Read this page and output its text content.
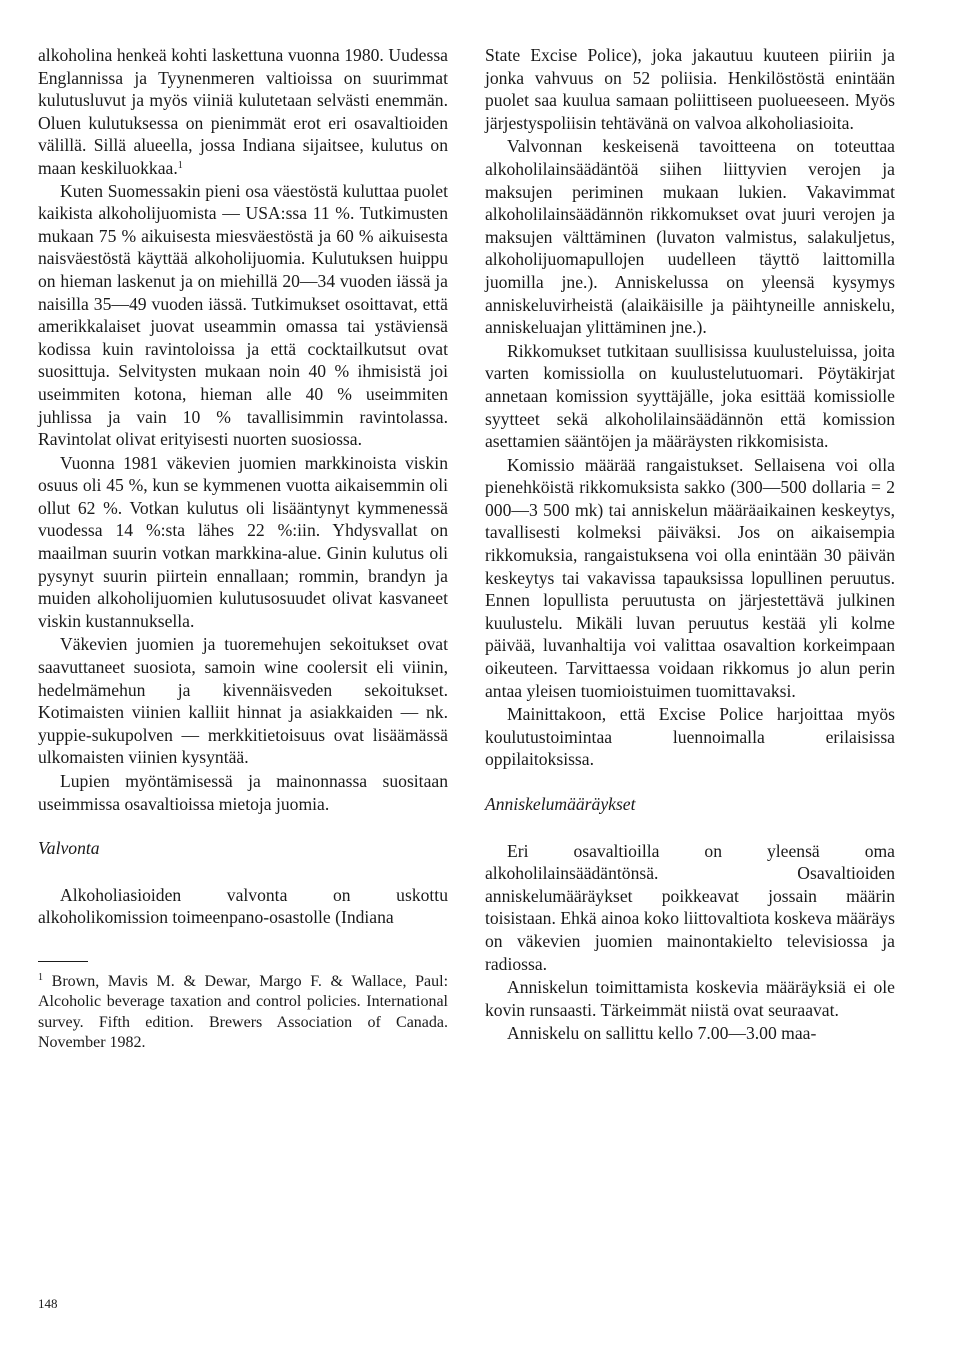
alkoholina henkeä kohti laskettuna vuonna 1980. Uudessa Englannissa ja Tyynenmeren valtioissa on suurimmat kulutusluvut ja myös viiniä kulutetaan selvästi enemmän. Oluen kulutuksessa on pienimmät erot eri osavaltioiden välillä. Sillä alueella, jossa Indiana sijaitsee, kulutus on maan keskiluokkaa.$^1$

Kuten Suomessakin pieni osa väestöstä kuluttaa puolet kaikista alkoholijuomista — USA:ssa 11 %. Tutkimusten mukaan 75 % aikuisesta miesväestöstä ja 60 % aikuisesta naisväestöstä käyttää alkoholijuomia. Kulutuksen huippu on hieman laskenut ja on miehillä 20—34 vuoden iässä ja naisilla 35—49 vuoden iässä. Tutkimukset osoittavat, että amerikkalaiset juovat useammin omassa tai ystäviensä kodissa kuin ravintoloissa ja että cocktailkutsut ovat suosittuja. Selvitysten mukaan noin 40 % ihmisistä joi useimmiten kotona, hieman alle 40 % useimmiten juhlissa ja vain 10 % tavallisimmin ravintolassa. Ravintolat olivat erityisesti nuorten suosiossa.

Vuonna 1981 väkevien juomien markkinoista viskin osuus oli 45 %, kun se kymmenen vuotta aikaisemmin oli ollut 62 %. Votkan kulutus oli lisääntynyt kymmenessä vuodessa 14 %:sta lähes 22 %:iin. Yhdysvallat on maailman suurin votkan markkina-alue. Ginin kulutus oli pysynyt suurin piirtein ennallaan; rommin, brandyn ja muiden alkoholijuomien kulutusosuudet olivat kasvaneet viskin kustannuksella.

Väkevien juomien ja tuoremehujen sekoitukset ovat saavuttaneet suosiota, samoin wine coolersit eli viinin, hedelmämehun ja kivennäisveden sekoitukset. Kotimaisten viinien kalliit hinnat ja asiakkaiden — nk. yuppie-sukupolven — merkkitietoisuus ovat lisäämässä ulkomaisten viinien kysyntää.

Lupien myöntämisessä ja mainonnassa suositaan useimmissa osavaltioissa mietoja juomia.

Valvonta

Alkoholiasioiden valvonta on uskottu alkoholikomission toimeenpano-osastolle (Indiana

$^1$ Brown, Mavis M. & Dewar, Margo F. & Wallace, Paul: Alcoholic beverage taxation and control policies. International survey. Fifth edition. Brewers Association of Canada. November 1982.

State Excise Police), joka jakautuu kuuteen piiriin ja jonka vahvuus on 52 poliisia. Henkilöstöstä enintään puolet saa kuulua samaan poliittiseen puolueeseen. Myös järjestyspoliisin tehtävänä on valvoa alkoholiasioita.

Valvonnan keskeisenä tavoitteena on toteuttaa alkoholilainsäädäntöä siihen liittyvien verojen ja maksujen periminen mukaan lukien. Vakavimmat alkoholilainsäädännön rikkomukset ovat juuri verojen ja maksujen välttäminen (luvaton valmistus, salakuljetus, alkoholijuomapullojen uudelleen täyttö laittomilla juomilla jne.). Anniskelussa on yleensä kysymys anniskeluvirheistä (alaikäisille ja päihtyneille anniskelu, anniskeluajan ylittäminen jne.).

Rikkomukset tutkitaan suullisissa kuulusteluissa, joita varten komissiolla on kuulustelutuomari. Pöytäkirjat annetaan komission syyttäjälle, joka esittää komissiolle syytteet sekä alkoholilainsäädännön että komission asettamien sääntöjen ja määräysten rikkomisista.

Komissio määrää rangaistukset. Sellaisena voi olla pienehköistä rikkomuksista sakko (300—500 dollaria = 2 000—3 500 mk) tai anniskelun määräaikainen keskeytys, tavallisesti kolmeksi päiväksi. Jos on aikaisempia rikkomuksia, rangaistuksena voi olla enintään 30 päivän keskeytys tai vakavissa tapauksissa lopullinen peruutus. Ennen lopullista peruutusta on järjestettävä julkinen kuulustelu. Mikäli luvan peruutus kestää yli kolme päivää, luvanhaltija voi valittaa osavaltion korkeimpaan oikeuteen. Tarvittaessa voidaan rikkomus jo alun perin antaa yleisen tuomioistuimen tuomittavaksi.

Mainittakoon, että Excise Police harjoittaa myös koulutustoimintaa luennoimalla erilaisissa oppilaitoksissa.

Anniskelumääräykset

Eri osavaltioilla on yleensä oma alkoholilainsäädäntönsä. Osavaltioiden anniskelumääräykset poikkeavat jossain määrin toisistaan. Ehkä ainoa koko liittovaltiota koskeva määräys on väkevien juomien mainontakielto televisiossa ja radiossa.

Anniskelun toimittamista koskevia määräyksiä ei ole kovin runsaasti. Tärkeimmät niistä ovat seuraavat.

Anniskelu on sallittu kello 7.00—3.00 maa-

148
